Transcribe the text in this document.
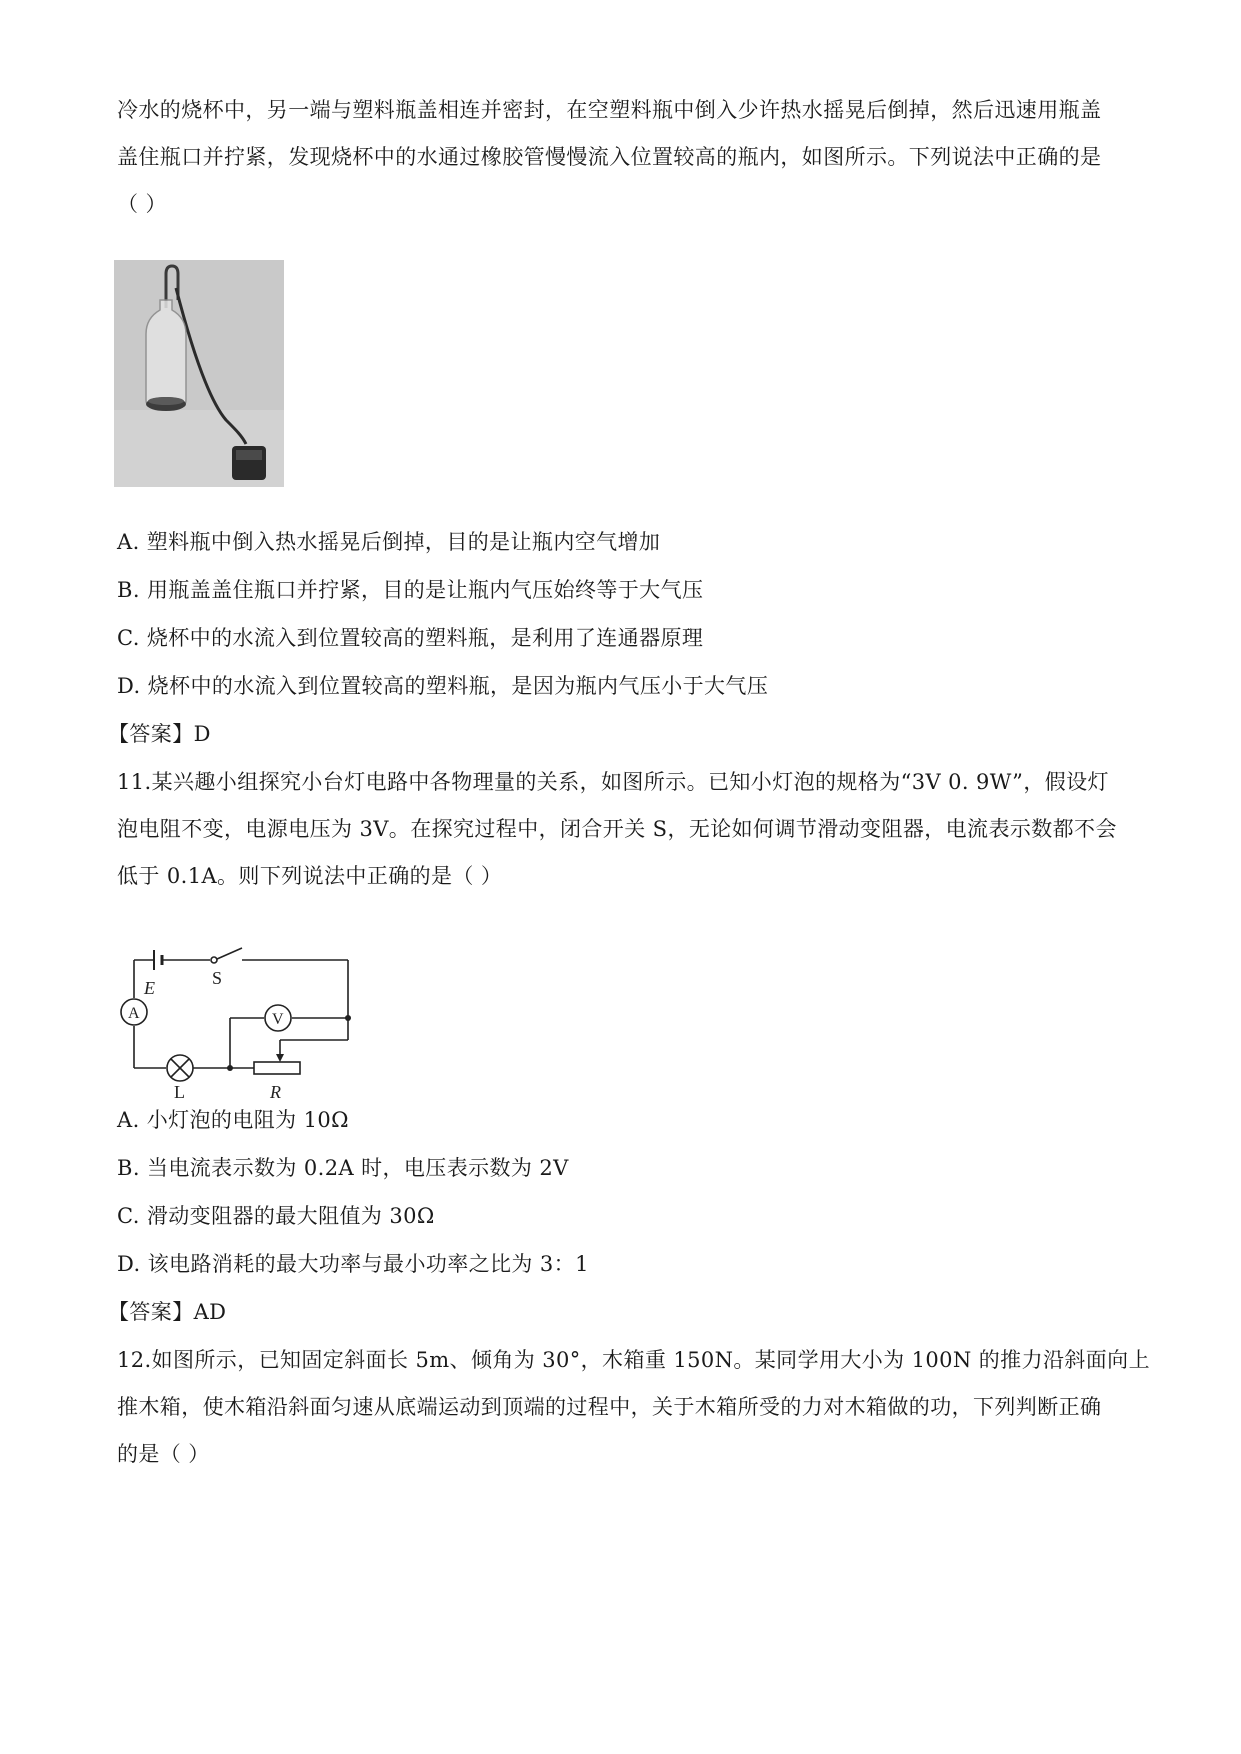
冷水的烧杯中，另一端与塑料瓶盖相连并密封，在空塑料瓶中倒入少许热水摇晃后倒掉，然后迅速用瓶盖
盖住瓶口并拧紧，发现烧杯中的水通过橡胶管慢慢流入位置较高的瓶内，如图所示。下列说法中正确的是
（ ）
A. 塑料瓶中倒入热水摇晃后倒掉，目的是让瓶内空气增加
B. 用瓶盖盖住瓶口并拧紧，目的是让瓶内气压始终等于大气压
C. 烧杯中的水流入到位置较高的塑料瓶，是利用了连通器原理
D. 烧杯中的水流入到位置较高的塑料瓶，是因为瓶内气压小于大气压
【答案】D
11.某兴趣小组探究小台灯电路中各物理量的关系，如图所示。已知小灯泡的规格为“3V 0. 9W”，假设灯
泡电阻不变，电源电压为 3V。在探究过程中，闭合开关 S，无论如何调节滑动变阻器，电流表示数都不会
低于 0.1A。则下列说法中正确的是（ ）
E	S
A	V
L	R
A. 小灯泡的电阻为 10Ω
B. 当电流表示数为 0.2A 时，电压表示数为 2V
C. 滑动变阻器的最大阻值为 30Ω
D. 该电路消耗的最大功率与最小功率之比为 3：1
【答案】AD
12.如图所示，已知固定斜面长 5m、倾角为 30°，木箱重 150N。某同学用大小为 100N 的推力沿斜面向上
推木箱，使木箱沿斜面匀速从底端运动到顶端的过程中，关于木箱所受的力对木箱做的功，下列判断正确
的是（ ）
